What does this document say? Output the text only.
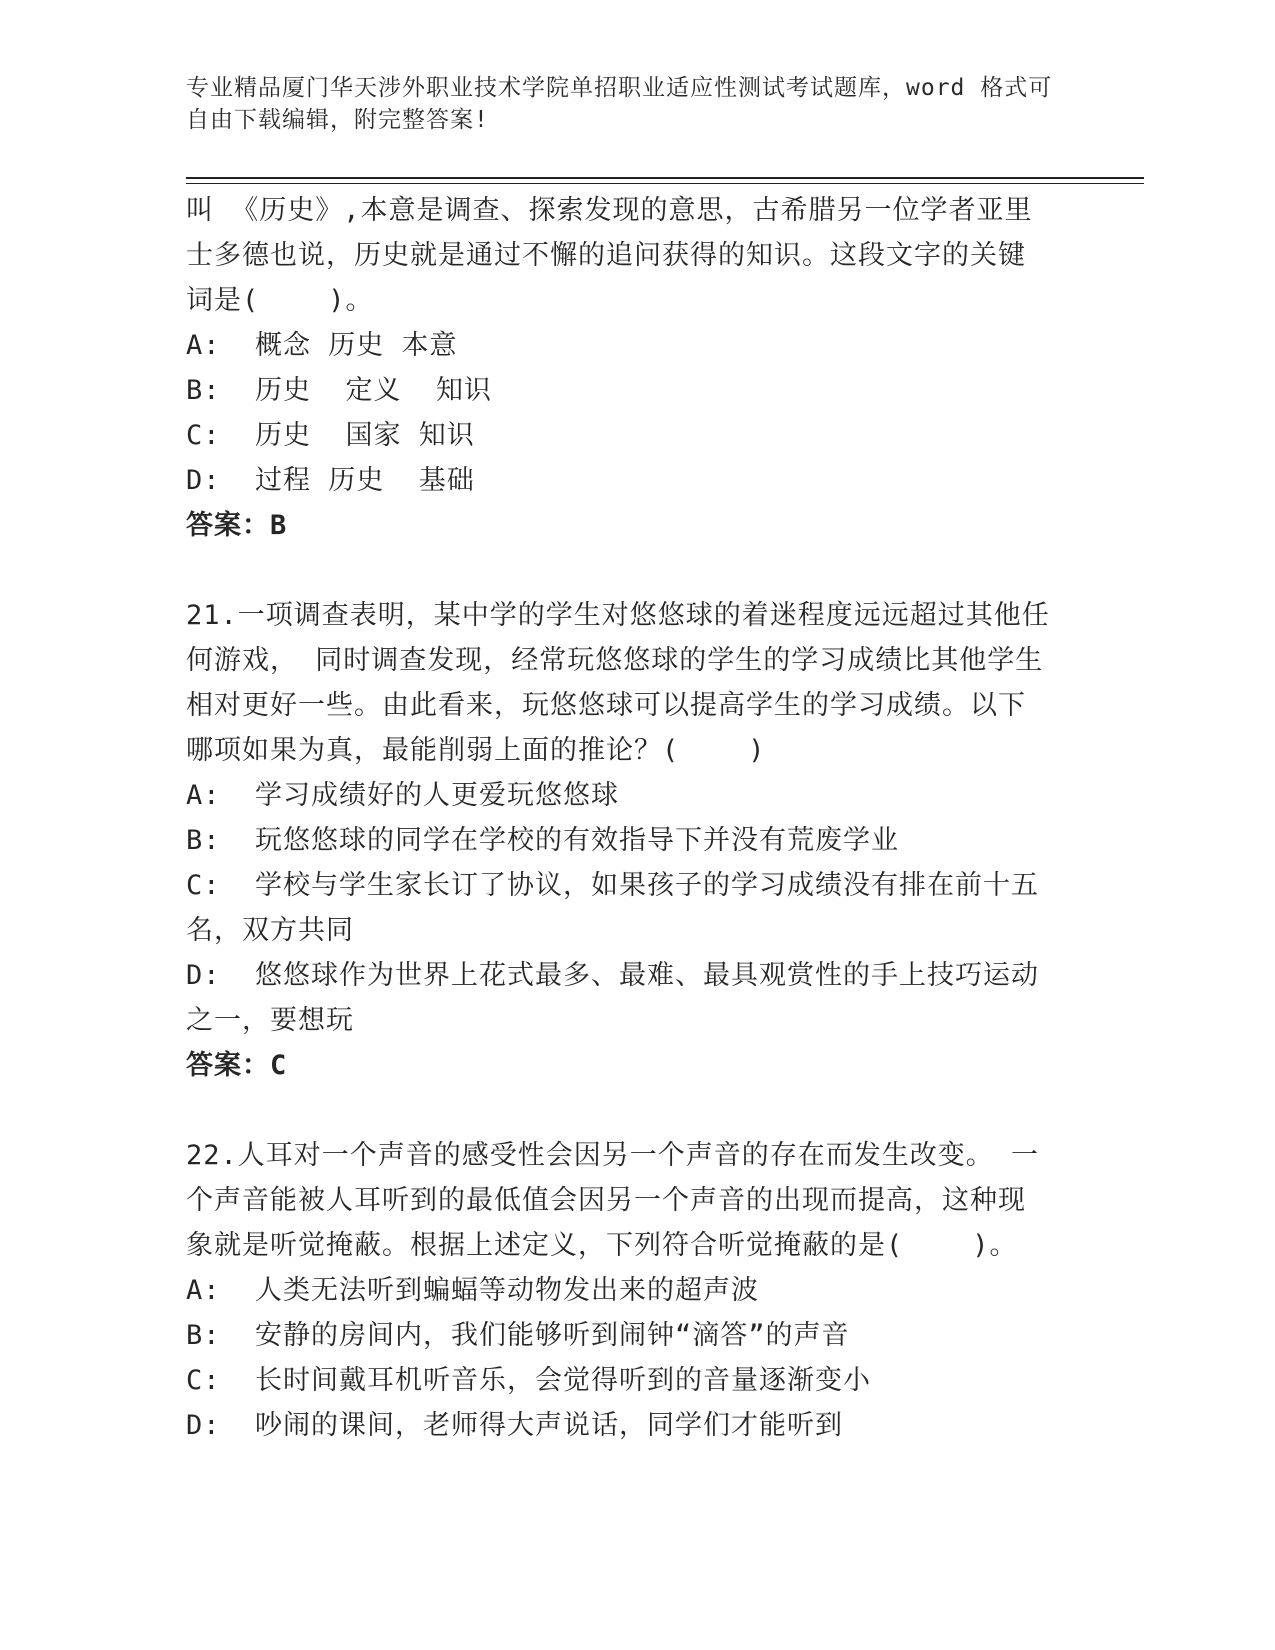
专业精品厦门华天涉外职业技术学院单招职业适应性测试考试题库，word 格式可
自由下载编辑，附完整答案!
叫 《历史》,本意是调查、探索发现的意思，古希腊另一位学者亚里
士多德也说，历史就是通过不懈的追问获得的知识。这段文字的关键
词是(    )。
A:  概念 历史 本意
B:  历史  定义  知识
C:  历史  国家 知识
D:  过程 历史  基础
答案：B
21.一项调查表明，某中学的学生对悠悠球的着迷程度远远超过其他任
何游戏， 同时调查发现，经常玩悠悠球的学生的学习成绩比其他学生
相对更好一些。由此看来，玩悠悠球可以提高学生的学习成绩。以下
哪项如果为真，最能削弱上面的推论？(    )
A:  学习成绩好的人更爱玩悠悠球
B:  玩悠悠球的同学在学校的有效指导下并没有荒废学业
C:  学校与学生家长订了协议，如果孩子的学习成绩没有排在前十五
名，双方共同
D:  悠悠球作为世界上花式最多、最难、最具观赏性的手上技巧运动
之一，要想玩
答案：C
22.人耳对一个声音的感受性会因另一个声音的存在而发生改变。 一
个声音能被人耳听到的最低值会因另一个声音的出现而提高，这种现
象就是听觉掩蔽。根据上述定义，下列符合听觉掩蔽的是(    )。
A:  人类无法听到蝙蝠等动物发出来的超声波
B:  安静的房间内，我们能够听到闹钟“滴答”的声音
C:  长时间戴耳机听音乐，会觉得听到的音量逐渐变小
D:  吵闹的课间，老师得大声说话，同学们才能听到
